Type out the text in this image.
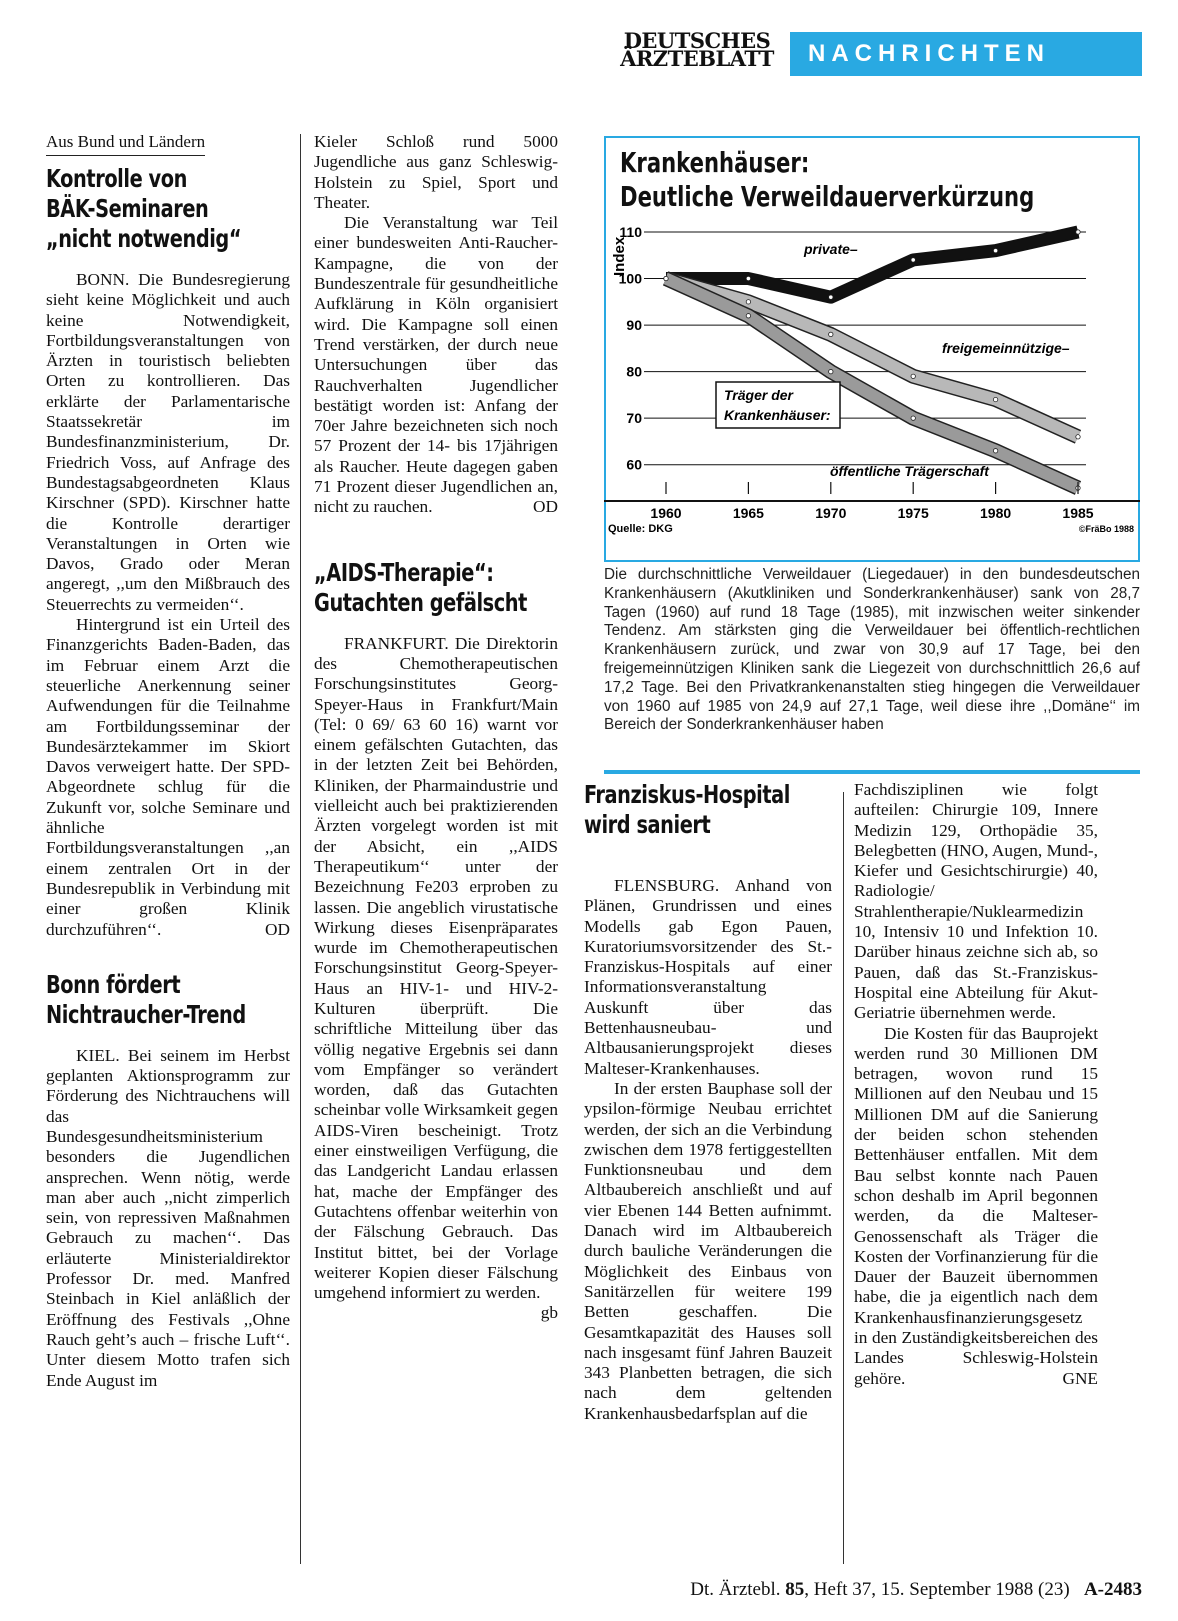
DEUTSCHES
ÄRZTEBLATT	NACHRICHTEN
Aus Bund und Ländern
Kontrolle von
BÄK-Seminaren
„nicht notwendig“

BONN. Die Bundesregierung sieht keine Möglichkeit und auch keine Notwendigkeit, Fortbildungsveranstaltungen von Ärzten in touristisch beliebten Orten zu kontrollieren. Das erklärte der Parlamentarische Staatssekretär im Bundesfinanzministerium, Dr. Friedrich Voss, auf Anfrage des Bundestagsabgeordneten Klaus Kirschner (SPD). Kirschner hatte die Kontrolle derartiger Veranstaltungen in Orten wie Davos, Grado oder Meran angeregt, ,,um den Mißbrauch des Steuerrechts zu vermeiden‘‘.

Hintergrund ist ein Urteil des Finanzgerichts Baden-Baden, das im Februar einem Arzt die steuerliche Anerkennung seiner Aufwendungen für die Teilnahme am Fortbildungsseminar der Bundesärztekammer im Skiort Davos verweigert hatte. Der SPD-Abgeordnete schlug für die Zukunft vor, solche Seminare und ähnliche Fortbildungsveranstaltungen ,,an einem zentralen Ort in der Bundesrepublik in Verbindung mit einer großen Klinik durchzuführen‘‘.	OD

Bonn fördert
Nichtraucher-Trend

KIEL. Bei seinem im Herbst geplanten Aktionsprogramm zur Förderung des Nichtrauchens will das Bundesgesundheitsministerium besonders die Jugendlichen ansprechen. Wenn nötig, werde man aber auch ,,nicht zimperlich sein, von repressiven Maßnahmen Gebrauch zu machen‘‘. Das erläuterte Ministerialdirektor Professor Dr. med. Manfred Steinbach in Kiel anläßlich der Eröffnung des Festivals ,,Ohne Rauch geht’s auch – frische Luft‘‘. Unter diesem Motto trafen sich Ende August im

Kieler Schloß rund 5000 Jugendliche aus ganz Schleswig-Holstein zu Spiel, Sport und Theater.

Die Veranstaltung war Teil einer bundesweiten Anti-Raucher-Kampagne, die von der Bundeszentrale für gesundheitliche Aufklärung in Köln organisiert wird. Die Kampagne soll einen Trend verstärken, der durch neue Untersuchungen über das Rauchverhalten Jugendlicher bestätigt worden ist: Anfang der 70er Jahre bezeichneten sich noch 57 Prozent der 14- bis 17jährigen als Raucher. Heute dagegen gaben 71 Prozent dieser Jugendlichen an, nicht zu rauchen.	OD

„AIDS-Therapie“:
Gutachten gefälscht

FRANKFURT. Die Direktorin des Chemotherapeutischen Forschungsinstitutes Georg-Speyer-Haus in Frankfurt/Main (Tel: 0 69/ 63 60 16) warnt vor einem gefälschten Gutachten, das in der letzten Zeit bei Behörden, Kliniken, der Pharmaindustrie und vielleicht auch bei praktizierenden Ärzten vorgelegt worden ist mit der Absicht, ein ,,AIDS Therapeutikum‘‘ unter der Bezeichnung Fe203 erproben zu lassen. Die angeblich virustatische Wirkung dieses Eisenpräparates wurde im Chemotherapeutischen Forschungsinstitut Georg-Speyer-Haus an HIV-1- und HIV-2-Kulturen überprüft. Die schriftliche Mitteilung über das völlig negative Ergebnis sei dann vom Empfänger so verändert worden, daß das Gutachten scheinbar volle Wirksamkeit gegen AIDS-Viren bescheinigt. Trotz einer einstweiligen Verfügung, die das Landgericht Landau erlassen hat, mache der Empfänger des Gutachtens offenbar weiterhin von der Fälschung Gebrauch. Das Institut bittet, bei der Vorlage weiterer Kopien dieser Fälschung umgehend informiert zu werden.
gb

Krankenhäuser:
Deutliche Verweildauerverkürzung
Index
60
70
80
90
100
110
1960	1965	1970	1975	1980	1985
Träger der
Krankenhäuser:
private–
freigemeinnützige–
öffentliche Trägerschaft
Quelle: DKG	©FräBo 1988
Die durchschnittliche Verweildauer (Liegedauer) in den bundesdeutschen Krankenhäusern (Akutkliniken und Sonderkrankenhäuser) sank von 28,7 Tagen (1960) auf rund 18 Tage (1985), mit inzwischen weiter sinkender Tendenz. Am stärksten ging die Verweildauer bei öffentlich-rechtlichen Krankenhäusern zurück, und zwar von 30,9 auf 17 Tage, bei den freigemeinnützigen Kliniken sank die Liegezeit von durchschnittlich 26,6 auf 17,2 Tage. Bei den Privatkrankenanstalten stieg hingegen die Verweildauer von 1960 auf 1985 von 24,9 auf 27,1 Tage, weil diese ihre ,,Domäne‘‘ im Bereich der Sonderkrankenhäuser haben
Franziskus-Hospital
wird saniert

FLENSBURG. Anhand von Plänen, Grundrissen und eines Modells gab Egon Pauen, Kuratoriumsvorsitzender des St.-Franziskus-Hospitals auf einer Informationsveranstaltung Auskunft über das Bettenhausneubau- und Altbausanierungsprojekt dieses Malteser-Krankenhauses.

In der ersten Bauphase soll der ypsilon-förmige Neubau errichtet werden, der sich an die Verbindung zwischen dem 1978 fertiggestellten Funktionsneubau und dem Altbaubereich anschließt und auf vier Ebenen 144 Betten aufnimmt. Danach wird im Altbaubereich durch bauliche Veränderungen die Möglichkeit des Einbaus von Sanitärzellen für weitere 199 Betten geschaffen. Die Gesamtkapazität des Hauses soll nach insgesamt fünf Jahren Bauzeit 343 Planbetten betragen, die sich nach dem geltenden Krankenhausbedarfsplan auf die

Fachdisziplinen wie folgt aufteilen: Chirurgie 109, Innere Medizin 129, Orthopädie 35, Belegbetten (HNO, Augen, Mund-, Kiefer und Gesichtschirurgie) 40, Radiologie/ Strahlentherapie/Nuklearmedizin 10, Intensiv 10 und Infektion 10. Darüber hinaus zeichne sich ab, so Pauen, daß das St.-Franziskus-Hospital eine Abteilung für Akut-Geriatrie übernehmen werde.

Die Kosten für das Bauprojekt werden rund 30 Millionen DM betragen, wovon rund 15 Millionen auf den Neubau und 15 Millionen DM auf die Sanierung der beiden schon stehenden Bettenhäuser entfallen. Mit dem Bau selbst konnte nach Pauen schon deshalb im April begonnen werden, da die Malteser-Genossenschaft als Träger die Kosten der Vorfinanzierung für die Dauer der Bauzeit übernommen habe, die ja eigentlich nach dem Krankenhausfinanzierungsgesetz in den Zuständigkeitsbereichen des Landes Schleswig-Holstein gehöre.	GNE

Dt. Ärztebl. 85, Heft 37, 15. September 1988 (23) A-2483
